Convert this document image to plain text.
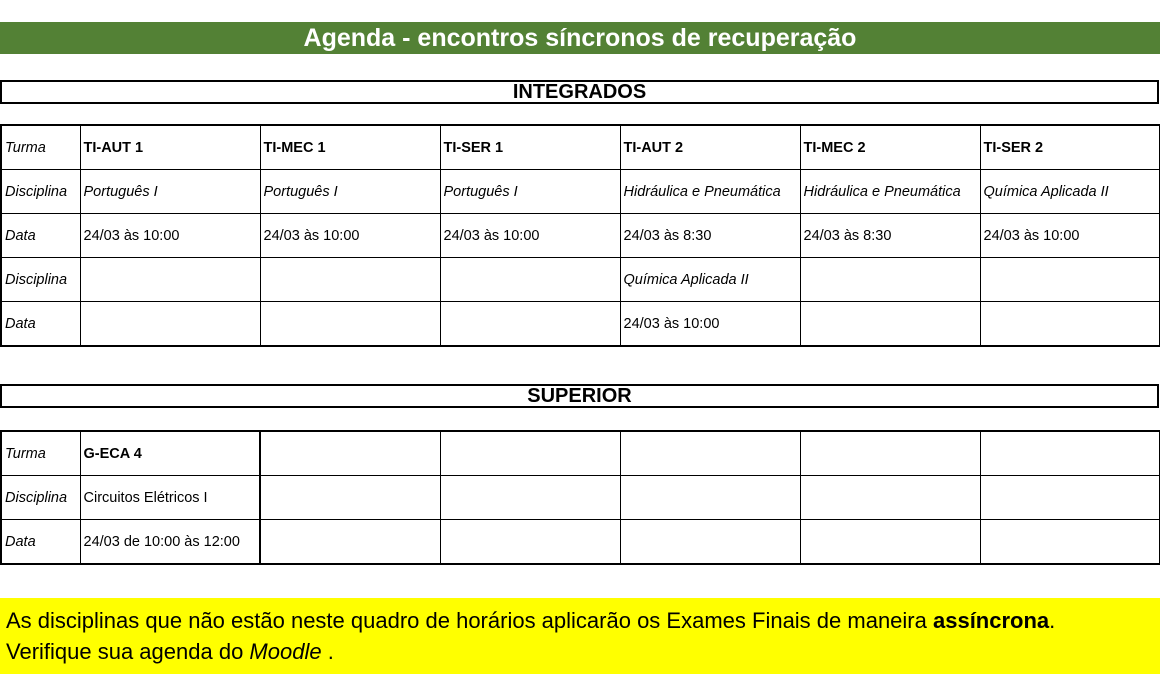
Agenda - encontros síncronos de recuperação
INTEGRADOS
Turma	TI-AUT 1	TI-MEC 1	TI-SER 1	TI-AUT 2	TI-MEC 2	TI-SER 2
Disciplina	Português I	Português I	Português I	Hidráulica e Pneumática	Hidráulica e Pneumática	Química Aplicada II
Data	24/03 às 10:00	24/03 às 10:00	24/03 às 10:00	24/03 às 8:30	24/03 às 8:30	24/03 às 10:00
Disciplina				Química Aplicada II		
Data				24/03 às 10:00		
SUPERIOR
Turma	G-ECA 4					
Disciplina	Circuitos Elétricos I					
Data	24/03 de 10:00 às 12:00					
As disciplinas que não estão neste quadro de horários aplicarão os Exames Finais de maneira assíncrona.
Verifique sua agenda do Moodle .
